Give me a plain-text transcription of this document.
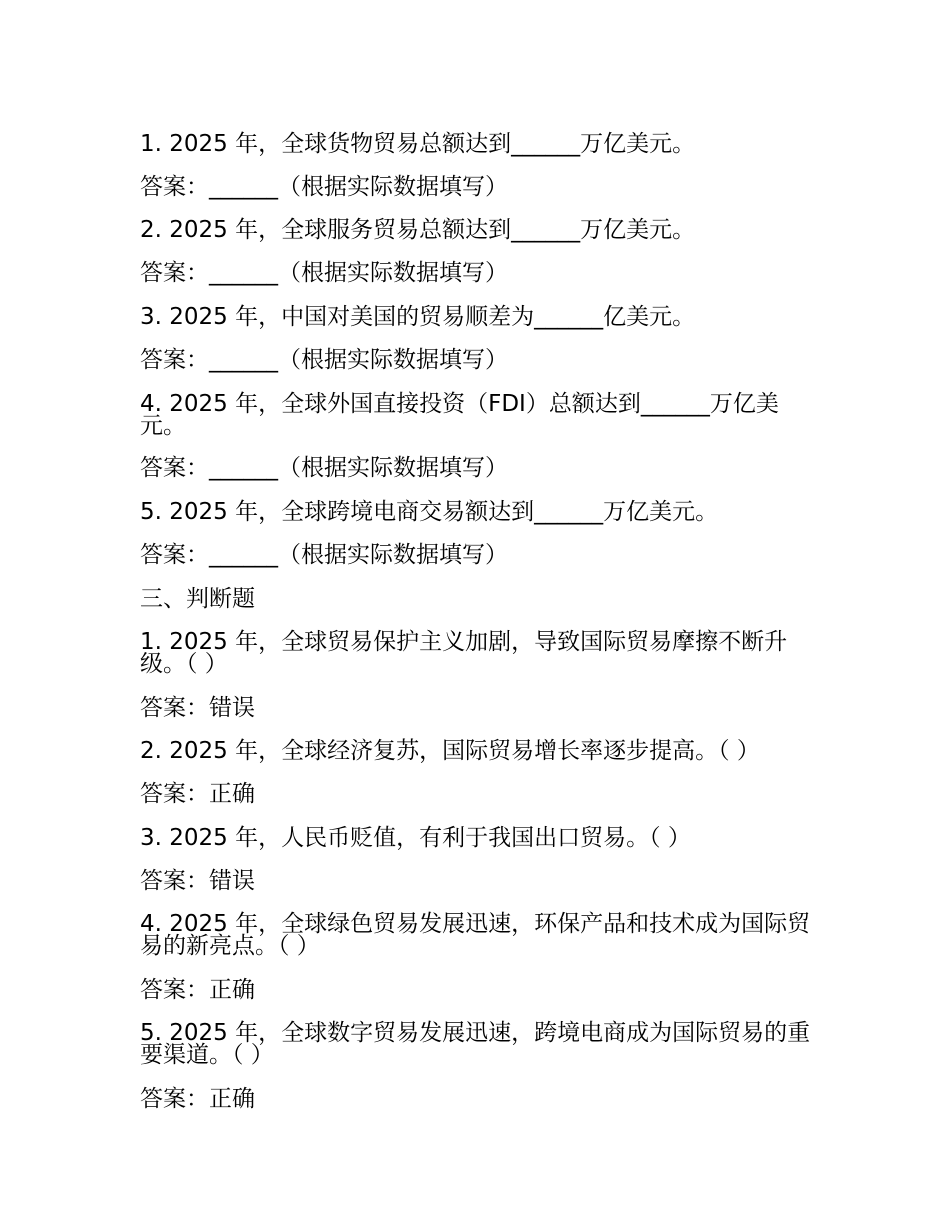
1. 2025 年，全球货物贸易总额达到______万亿美元。
答案：______（根据实际数据填写）
2. 2025 年，全球服务贸易总额达到______万亿美元。
答案：______（根据实际数据填写）
3. 2025 年，中国对美国的贸易顺差为______亿美元。
答案：______（根据实际数据填写）
4. 2025 年，全球外国直接投资（FDI）总额达到______万亿美元。
答案：______（根据实际数据填写）
5. 2025 年，全球跨境电商交易额达到______万亿美元。
答案：______（根据实际数据填写）
三、判断题
1. 2025 年，全球贸易保护主义加剧，导致国际贸易摩擦不断升级。（ ）
答案：错误
2. 2025 年，全球经济复苏，国际贸易增长率逐步提高。（ ）
答案：正确
3. 2025 年，人民币贬值，有利于我国出口贸易。（ ）
答案：错误
4. 2025 年，全球绿色贸易发展迅速，环保产品和技术成为国际贸易的新亮点。（ ）
答案：正确
5. 2025 年，全球数字贸易发展迅速，跨境电商成为国际贸易的重要渠道。（ ）
答案：正确
